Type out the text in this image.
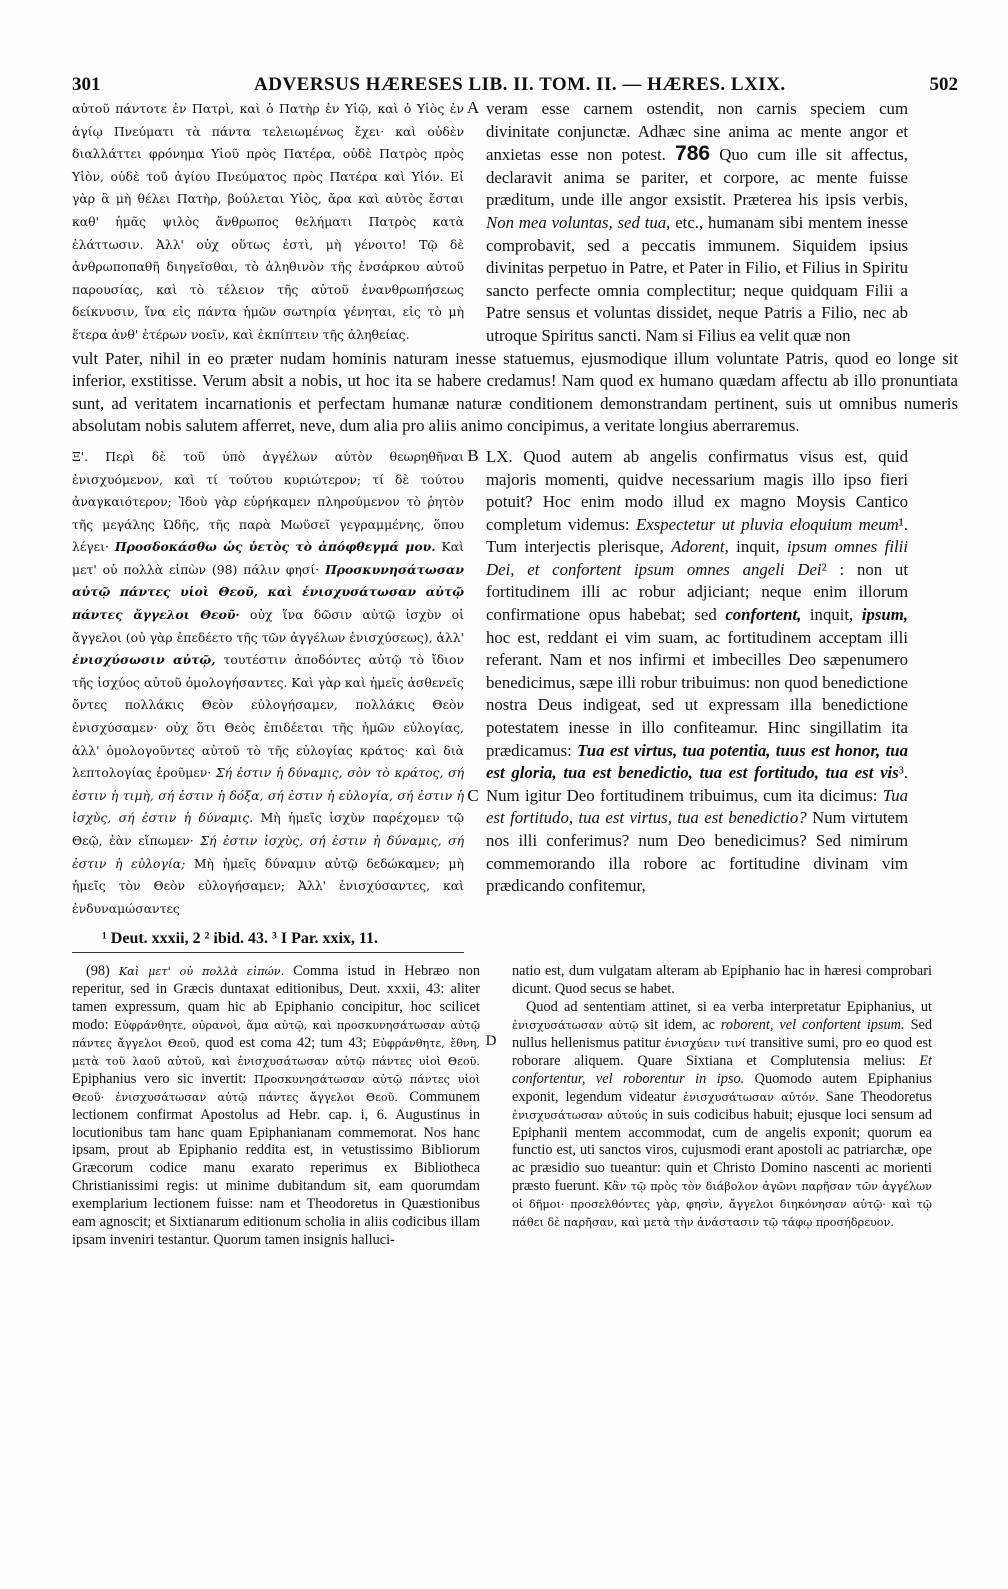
301	ADVERSUS HÆRESES LIB. II. TOM. II. — HÆRES. LXIX.	502

αὐτοῦ πάντοτε ἐν Πατρὶ, καὶ ὁ Πατὴρ ἐν Υἱῷ, καὶ ὁ Υἱὸς ἐν ἁγίῳ Πνεύματι τὰ πάντα τελειωμένως ἔχει· καὶ οὐδὲν διαλλάττει φρόνημα Υἱοῦ πρὸς Πατέρα, οὐδὲ Πατρὸς πρὸς Υἱὸν, οὐδὲ τοῦ ἁγίου Πνεύματος πρὸς Πατέρα καὶ Υἱόν. Εἰ γὰρ ἃ μὴ θέλει Πατὴρ, βούλεται Υἱὸς, ἄρα καὶ αὐτὸς ἔσται καθ' ἡμᾶς ψιλὸς ἄνθρωπος θελήματι Πατρὸς κατὰ ἐλάττωσιν. Ἀλλ' οὐχ οὕτως ἐστὶ, μὴ γένοιτο! Τῷ δὲ ἀνθρωποπαθῆ διηγεῖσθαι, τὸ ἀληθινὸν τῆς ἐνσάρκου αὐτοῦ παρουσίας, καὶ τὸ τέλειον τῆς αὐτοῦ ἐνανθρωπήσεως δείκνυσιν, ἵνα εἰς πάντα ἡμῶν σωτηρία γένηται, εἰς τὸ μὴ ἕτερα ἀνθ' ἑτέρων νοεῖν, καὶ ἐκπίπτειν τῆς ἀληθείας.

A veram esse carnem ostendit, non carnis speciem cum divinitate conjunctæ. Adhæc sine anima ac mente angor et anxietas esse non potest. 786 Quo cum ille sit affectus, declaravit anima se pariter, et corpore, ac mente fuisse præditum, unde ille angor exsistit. Præterea his ipsis verbis, Non mea voluntas, sed tua, etc., humanam sibi mentem inesse comprobavit, sed a peccatis immunem. Siquidem ipsius divinitas perpetuo in Patre, et Pater in Filio, et Filius in Spiritu sancto perfecte omnia complectitur; neque quidquam Filii a Patre sensus et voluntas dissidet, neque Patris a Filio, nec ab utroque Spiritus sancti. Nam si Filius ea velit quæ non

vult Pater, nihil in eo præter nudam hominis naturam inesse statuemus, ejusmodique illum voluntate Patris, quod eo longe sit inferior, exstitisse. Verum absit a nobis, ut hoc ita se habere credamus! Nam quod ex humano quædam affectu ab illo pronuntiata sunt, ad veritatem incarnationis et perfectam humanæ naturæ conditionem demonstrandam pertinent, suis ut omnibus numeris absolutam nobis salutem afferret, neve, dum alia pro aliis animo concipimus, a veritate longius aberraremus.

Ξ'. Περὶ δὲ τοῦ ὑπὸ ἀγγέλων αὐτὸν θεωρηθῆναι ἐνισχυόμενον, καὶ τί τούτου κυριώτερον; τί δὲ τούτου ἀναγκαιότερον; Ἰδοὺ γὰρ εὑρήκαμεν πληρούμενον τὸ ῥητὸν τῆς μεγάλης Ὠδῆς, τῆς παρὰ Μωϋσεῖ γεγραμμένης, ὅπου λέγει· Προσδοκάσθω ὡς ὑετὸς τὸ ἀπόφθεγμά μου. Καὶ μετ' οὐ πολλὰ εἰπὼν (98) πάλιν φησί· Προσκυνησάτωσαν αὐτῷ πάντες υἱοὶ Θεοῦ, καὶ ἐνισχυσάτωσαν αὐτῷ πάντες ἄγγελοι Θεοῦ· οὐχ ἵνα δῶσιν αὐτῷ ἰσχὺν οἱ ἄγγελοι (οὐ γὰρ ἐπεδέετο τῆς τῶν ἀγγέλων ἐνισχύσεως), ἀλλ' ἐνισχύσωσιν αὐτῷ, τουτέστιν ἀποδόντες αὐτῷ τὸ ἴδιον τῆς ἰσχύος αὐτοῦ ὁμολογήσαντες. Καὶ γὰρ καὶ ἡμεῖς ἀσθενεῖς ὄντες πολλάκις Θεὸν εὐλογήσαμεν, πολλάκις Θεὸν ἐνισχύσαμεν· οὐχ ὅτι Θεὸς ἐπιδέεται τῆς ἡμῶν εὐλογίας, ἀλλ' ὁμολογοῦντες αὐτοῦ τὸ τῆς εὐλογίας κράτος· καὶ διὰ λεπτολογίας ἐροῦμεν· Σή ἐστιν ἡ δύναμις, σὸν τὸ κράτος, σή ἐστιν ἡ τιμὴ, σή ἐστιν ἡ δόξα, σή ἐστιν ἡ εὐλογία, σή ἐστιν ἡ ἰσχὺς, σή ἐστιν ἡ δύναμις. Μὴ ἡμεῖς ἰσχὺν παρέχομεν τῷ Θεῷ, ἐὰν εἴπωμεν· Σή ἐστιν ἰσχὺς, σή ἐστιν ἡ δύναμις, σή ἐστιν ἡ εὐλογία; Μὴ ἡμεῖς δύναμιν αὐτῷ δεδώκαμεν; μὴ ἡμεῖς τὸν Θεὸν εὐλογήσαμεν; Ἀλλ' ἐνισχύσαντες, καὶ ἐνδυναμώσαντες

B
C

LX. Quod autem ab angelis confirmatus visus est, quid majoris momenti, quidve necessarium magis illo ipso fieri potuit? Hoc enim modo illud ex magno Moysis Cantico completum videmus: Exspectetur ut pluvia eloquium meum¹. Tum interjectis plerisque, Adorent, inquit, ipsum omnes filii Dei, et confortent ipsum omnes angeli Dei² : non ut fortitudinem illi ac robur adjiciant; neque enim illorum confirmatione opus habebat; sed confortent, inquit, ipsum, hoc est, reddant ei vim suam, ac fortitudinem acceptam illi referant. Nam et nos infirmi et imbecilles Deo sæpenumero benedicimus, sæpe illi robur tribuimus: non quod benedictione nostra Deus indigeat, sed ut expressam illa benedictione potestatem inesse in illo confiteamur. Hinc singillatim ita prædicamus: Tua est virtus, tua potentia, tuus est honor, tua est gloria, tua est benedictio, tua est fortitudo, tua est vis³. Num igitur Deo fortitudinem tribuimus, cum ita dicimus: Tua est fortitudo, tua est virtus, tua est benedictio? Num virtutem nos illi conferimus? num Deo benedicimus? Sed nimirum commemorando illa robore ac fortitudine divinam vim prædicando confitemur,

¹ Deut. xxxii, 2 ² ibid. 43. ³ I Par. xxix, 11.

(98) Καὶ μετ' οὐ πολλὰ εἰπών. Comma istud in Hebræo non reperitur, sed in Græcis duntaxat editionibus, Deut. xxxii, 43: aliter tamen expressum, quam hic ab Epiphanio concipitur, hoc scilicet modo: Εὐφράνθητε, οὐρανοὶ, ἅμα αὐτῷ, καὶ προσκυνησάτωσαν αὐτῷ πάντες ἄγγελοι Θεοῦ, quod est coma 42; tum 43; Εὐφράνθητε, ἔθνη, μετὰ τοῦ λαοῦ αὐτοῦ, καὶ ἐνισχυσάτωσαν αὐτῷ πάντες υἱοὶ Θεοῦ. Epiphanius vero sic invertit: Προσκυνησάτωσαν αὐτῷ πάντες υἱοὶ Θεοῦ· ἐνισχυσάτωσαν αὐτῷ πάντες ἄγγελοι Θεοῦ. Communem lectionem confirmat Apostolus ad Hebr. cap. i, 6. Augustinus in locutionibus tam hanc quam Epiphanianam commemorat. Nos hanc ipsam, prout ab Epiphanio reddita est, in vetustissimo Bibliorum Græcorum codice manu exarato reperimus ex Bibliotheca Christianissimi regis: ut minime dubitandum sit, eam quorumdam exemplarium lectionem fuisse: nam et Theodoretus in Quæstionibus eam agnoscit; et Sixtianarum editionum scholia in aliis codicibus illam ipsam inveniri testantur. Quorum tamen insignis halluci-

D

natio est, dum vulgatam alteram ab Epiphanio hac in hæresi comprobari dicunt. Quod secus se habet.

Quod ad sententiam attinet, si ea verba interpretatur Epiphanius, ut ἐνισχυσάτωσαν αὐτῷ sit idem, ac roborent, vel confortent ipsum. Sed nullus hellenismus patitur ἐνισχύειν τινί transitive sumi, pro eo quod est roborare aliquem. Quare Sixtiana et Complutensia melius: Et confortentur, vel roborentur in ipso. Quomodo autem Epiphanius exponit, legendum videatur ἐνισχυσάτωσαν αὐτόν. Sane Theodoretus ἐνισχυσάτωσαν αὐτούς in suis codicibus habuit; ejusque loci sensum ad Epiphanii mentem accommodat, cum de angelis exponit; quorum ea functio est, uti sanctos viros, cujusmodi erant apostoli ac patriarchæ, ope ac præsidio suo tueantur: quin et Christo Domino nascenti ac morienti præsto fuerunt. Κἂν τῷ πρὸς τὸν διάβολον ἀγῶνι παρῆσαν τῶν ἀγγέλων οἱ δῆμοι· προσελθόντες γὰρ, φησὶν, ἄγγελοι διηκόνησαν αὐτῷ· καὶ τῷ πάθει δὲ παρῆσαν, καὶ μετὰ τὴν ἀνάστασιν τῷ τάφῳ προσήδρευον.
